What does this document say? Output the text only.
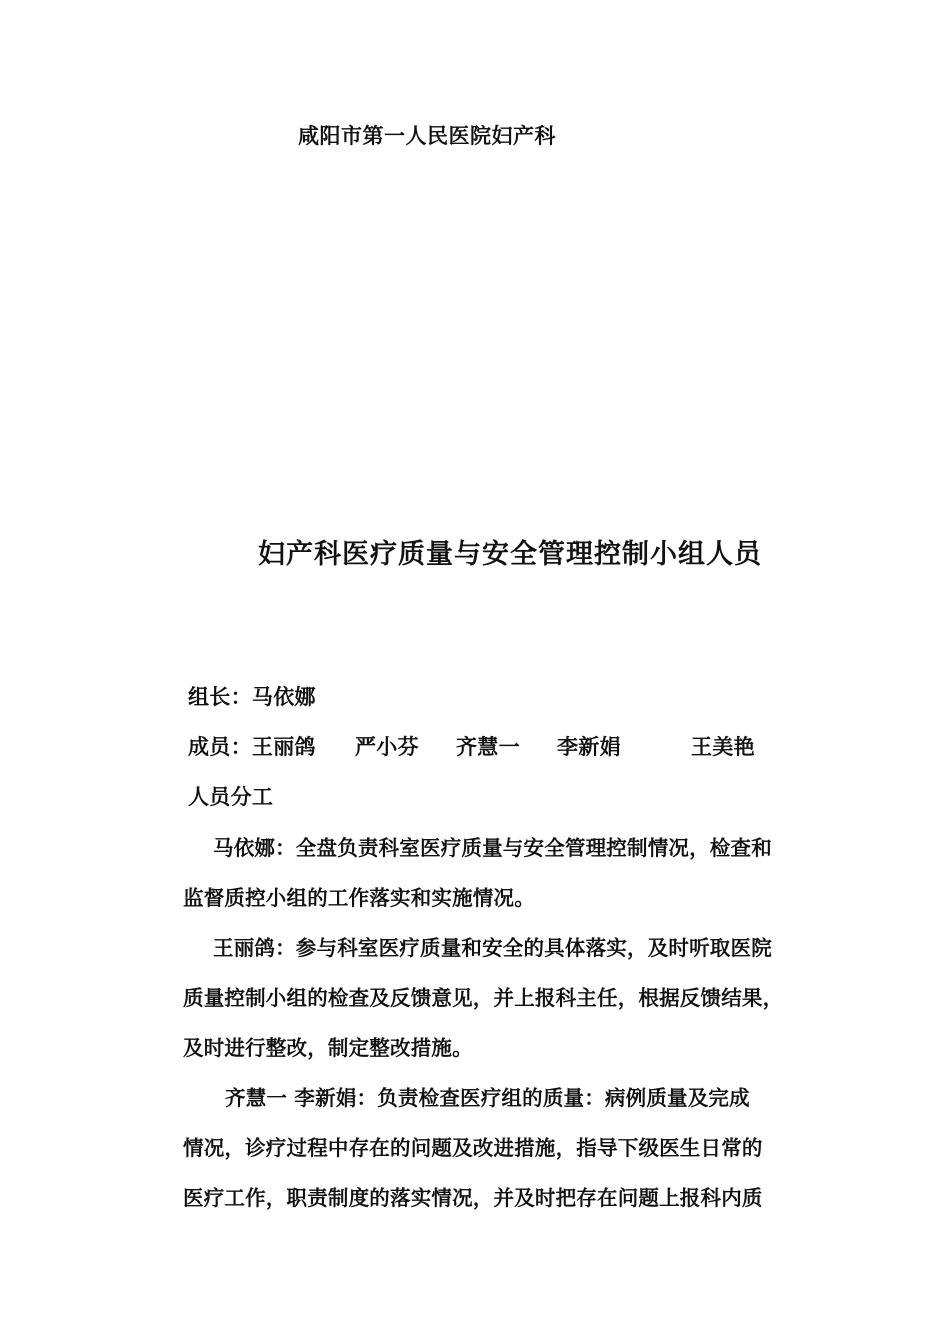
咸阳市第一人民医院妇产科
妇产科医疗质量与安全管理控制小组人员
组长：马依娜
成员：王丽鸽 严小芬 齐慧一 李新娟	王美艳
人员分工
马依娜：全盘负责科室医疗质量与安全管理控制情况，检查和
监督质控小组的工作落实和实施情况。
王丽鸽：参与科室医疗质量和安全的具体落实，及时听取医院
质量控制小组的检查及反馈意见，并上报科主任，根据反馈结果，
及时进行整改，制定整改措施。
齐慧一 李新娟：负责检查医疗组的质量：病例质量及完成
情况，诊疗过程中存在的问题及改进措施，指导下级医生日常的
医疗工作，职责制度的落实情况，并及时把存在问题上报科内质
